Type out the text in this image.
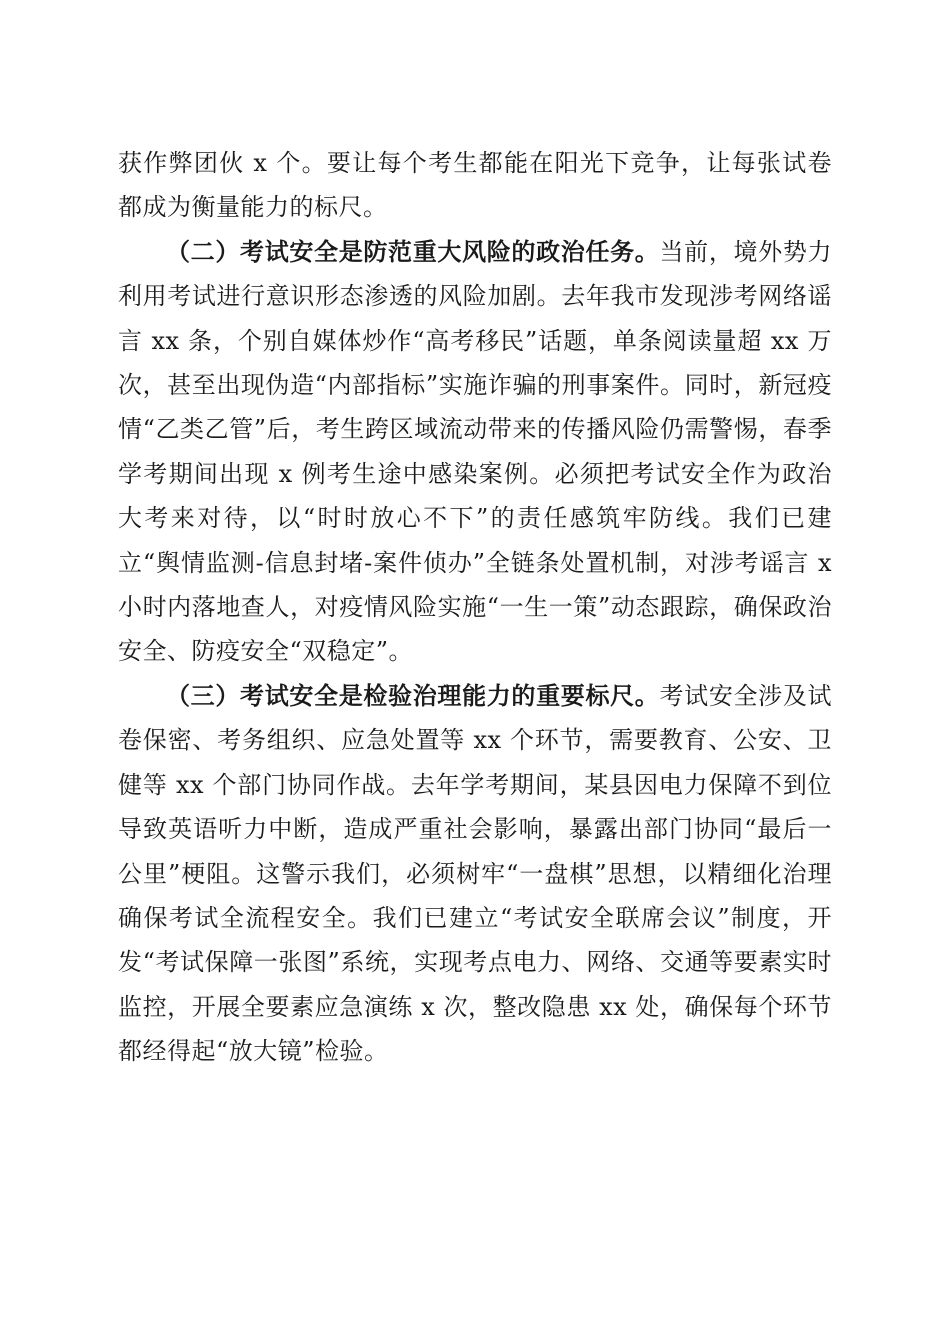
获作弊团伙 x 个。要让每个考生都能在阳光下竞争，让每张试卷都成为衡量能力的标尺。

（二）考试安全是防范重大风险的政治任务。当前，境外势力利用考试进行意识形态渗透的风险加剧。去年我市发现涉考网络谣言 xx 条，个别自媒体炒作“高考移民”话题，单条阅读量超 xx 万次，甚至出现伪造“内部指标”实施诈骗的刑事案件。同时，新冠疫情“乙类乙管”后，考生跨区域流动带来的传播风险仍需警惕，春季学考期间出现 x 例考生途中感染案例。必须把考试安全作为政治大考来对待，以“时时放心不下”的责任感筑牢防线。我们已建立“舆情监测-信息封堵-案件侦办”全链条处置机制，对涉考谣言 x 小时内落地查人，对疫情风险实施“一生一策”动态跟踪，确保政治安全、防疫安全“双稳定”。

（三）考试安全是检验治理能力的重要标尺。考试安全涉及试卷保密、考务组织、应急处置等 xx 个环节，需要教育、公安、卫健等 xx 个部门协同作战。去年学考期间，某县因电力保障不到位导致英语听力中断，造成严重社会影响，暴露出部门协同“最后一公里”梗阻。这警示我们，必须树牢“一盘棋”思想，以精细化治理确保考试全流程安全。我们已建立“考试安全联席会议”制度，开发“考试保障一张图”系统，实现考点电力、网络、交通等要素实时监控，开展全要素应急演练 x 次，整改隐患 xx 处，确保每个环节都经得起“放大镜”检验。
